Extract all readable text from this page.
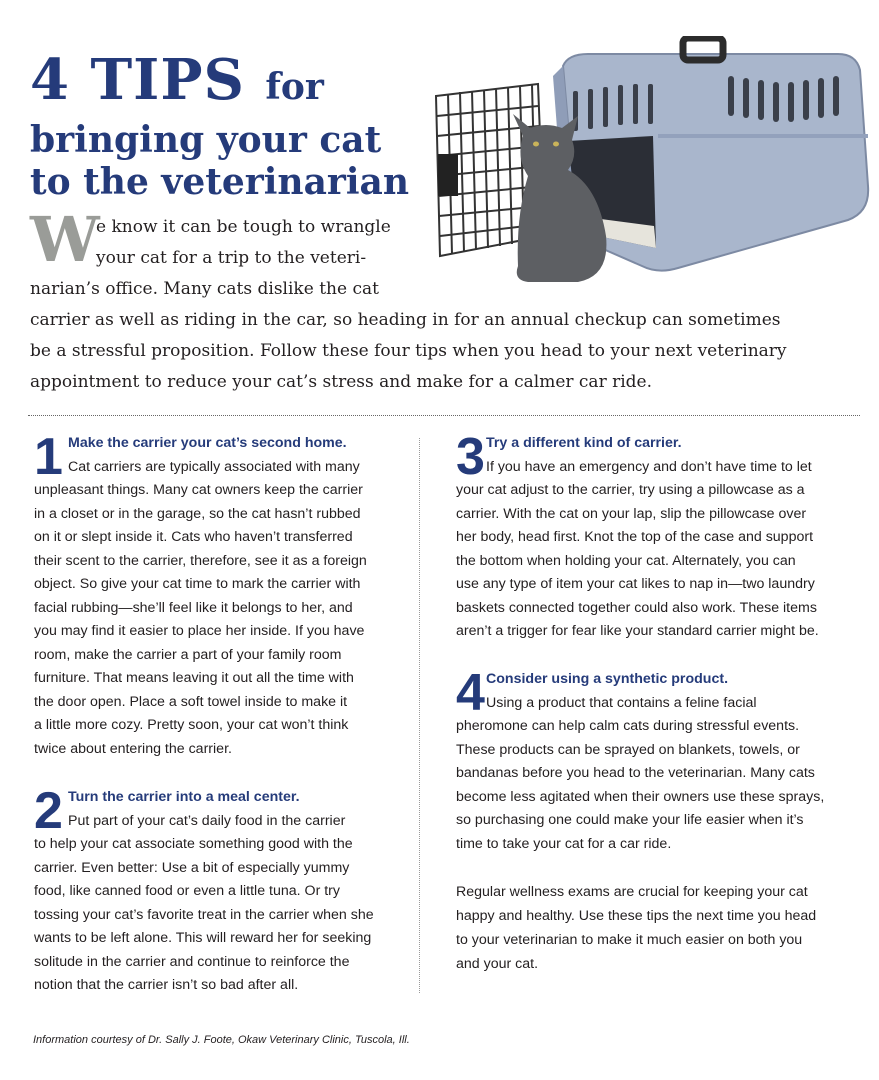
4 TIPS for
bringing your cat
to the veterinarian
W
e know it can be tough to wrangle
your cat for a trip to the veteri-
narian’s office. Many cats dislike the cat
carrier as well as riding in the car, so heading in for an annual checkup can sometimes
be a stressful proposition. Follow these four tips when you head to your next veterinary
appointment to reduce your cat’s stress and make for a calmer car ride.
1 Make the carrier your cat’s second home.
Cat carriers are typically associated with many
unpleasant things. Many cat owners keep the carrier
in a closet or in the garage, so the cat hasn’t rubbed
on it or slept inside it. Cats who haven’t transferred
their scent to the carrier, therefore, see it as a foreign
object. So give your cat time to mark the carrier with
facial rubbing—she’ll feel like it belongs to her, and
you may find it easier to place her inside. If you have
room, make the carrier a part of your family room
furniture. That means leaving it out all the time with
the door open. Place a soft towel inside to make it
a little more cozy. Pretty soon, your cat won’t think
twice about entering the carrier.
2 Turn the carrier into a meal center.
Put part of your cat’s daily food in the carrier
to help your cat associate something good with the
carrier. Even better: Use a bit of especially yummy
food, like canned food or even a little tuna. Or try
tossing your cat’s favorite treat in the carrier when she
wants to be left alone. This will reward her for seeking
solitude in the carrier and continue to reinforce the
notion that the carrier isn’t so bad after all.
3 Try a different kind of carrier.
If you have an emergency and don’t have time to let
your cat adjust to the carrier, try using a pillowcase as a
carrier. With the cat on your lap, slip the pillowcase over
her body, head first. Knot the top of the case and support
the bottom when holding your cat. Alternately, you can
use any type of item your cat likes to nap in—two laundry
baskets connected together could also work. These items
aren’t a trigger for fear like your standard carrier might be.
4 Consider using a synthetic product.
Using a product that contains a feline facial
pheromone can help calm cats during stressful events.
These products can be sprayed on blankets, towels, or
bandanas before you head to the veterinarian. Many cats
become less agitated when their owners use these sprays,
so purchasing one could make your life easier when it’s
time to take your cat for a car ride.
Regular wellness exams are crucial for keeping your cat
happy and healthy. Use these tips the next time you head
to your veterinarian to make it much easier on both you
and your cat.
Information courtesy of Dr. Sally J. Foote, Okaw Veterinary Clinic, Tuscola, Ill.
